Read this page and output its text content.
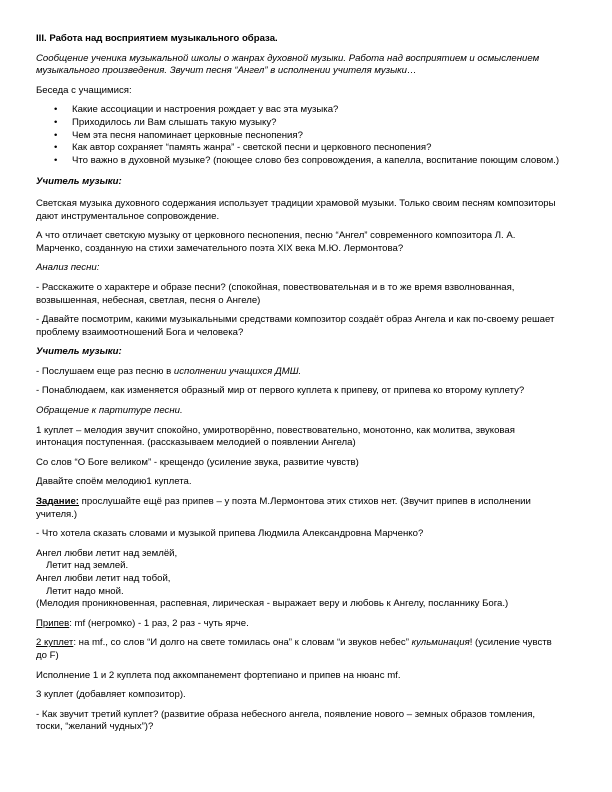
III. Работа над восприятием музыкального образа.

Сообщение ученика музыкальной школы о жанрах духовной музыки. Работа над восприятием и осмыслением музыкального произведения. Звучит песня “Ангел” в исполнении учителя музыки…

Беседа с учащимися:

• Какие ассоциации и настроения рождает у вас эта музыка?
• Приходилось ли Вам слышать такую музыку?
• Чем эта песня напоминает церковные песнопения?
• Как автор сохраняет “память жанра” - светской песни и церковного песнопения?
• Что важно в духовной музыке? (поющее слово без сопровождения, а капелла, воспитание поющим словом.)

Учитель музыки:

Светская музыка духовного содержания использует традиции храмовой музыки. Только своим песням композиторы дают инструментальное сопровождение.

А что отличает светскую музыку от церковного песнопения, песню “Ангел” современного композитора Л. А. Марченко, созданную на стихи замечательного поэта XIX века М.Ю. Лермонтова?

Анализ песни:

- Расскажите о характере и образе песни? (спокойная, повествовательная и в то же время взволнованная, возвышенная, небесная, светлая, песня о Ангеле)

- Давайте посмотрим, какими музыкальными средствами композитор создаёт образ Ангела и как по-своему решает проблему взаимоотношений Бога и человека?

Учитель музыки:

- Послушаем еще раз песню в исполнении учащихся ДМШ.

- Понаблюдаем, как изменяется образный мир от первого куплета к припеву, от припева ко второму куплету?

Обращение к партитуре песни.

1 куплет – мелодия звучит спокойно, умиротворённо, повествовательно, монотонно, как молитва, звуковая интонация поступенная. (рассказываем мелодией о появлении Ангела)

Со слов “О Боге великом” - крещендо (усиление звука, развитие чувств)

Давайте споём мелодию1 куплета.

Задание: прослушайте ещё раз припев – у поэта М.Лермонтова этих стихов нет. (Звучит припев в исполнении учителя.)

- Что хотела сказать словами и музыкой припева Людмила Александровна Марченко?

Ангел любви летит над землёй,
Летит над землей.
Ангел любви летит над тобой,
Летит надо мной.
(Мелодия проникновенная, распевная, лирическая - выражает веру и любовь к Ангелу, посланнику Бога.)

Припев: mf (негромко) - 1 раз, 2 раз - чуть ярче.

2 куплет: на mf., со слов “И долго на свете томилась она” к словам “и звуков небес” кульминация! (усиление чувств до F)

Исполнение 1 и 2 куплета под аккомпанемент фортепиано и припев на нюанс mf.

3 куплет (добавляет композитор).

- Как звучит третий куплет? (развитие образа небесного ангела, появление нового – земных образов томления, тоски, “желаний чудных”)?
